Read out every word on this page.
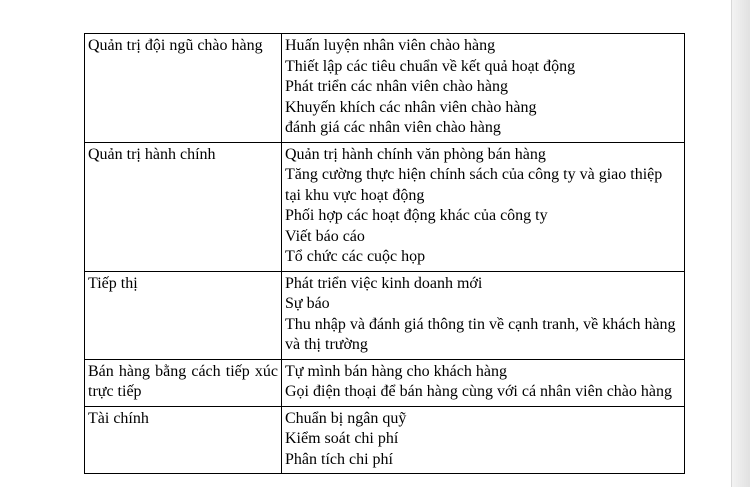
Quản trị đội ngũ chào hàng	Huấn luyện nhân viên chào hàng
Thiết lập các tiêu chuẩn về kết quả hoạt động
Phát triển các nhân viên chào hàng
Khuyến khích các nhân viên chào hàng
đánh giá các nhân viên chào hàng

Quản trị hành chính	Quản trị hành chính văn phòng bán hàng
Tăng cường thực hiện chính sách của công ty và giao thiệp tại khu vực hoạt động
Phối hợp các hoạt động khác của công ty
Viết báo cáo
Tổ chức các cuộc họp

Tiếp thị	Phát triển việc kinh doanh mới
Sự báo
Thu nhập và đánh giá thông tin về cạnh tranh, về khách hàng và thị trường

Bán hàng bằng cách tiếp xúc trực tiếp	Tự mình bán hàng cho khách hàng
Gọi điện thoại để bán hàng cùng với cá nhân viên chào hàng

Tài chính	Chuẩn bị ngân quỹ
Kiểm soát chi phí
Phân tích chi phí
